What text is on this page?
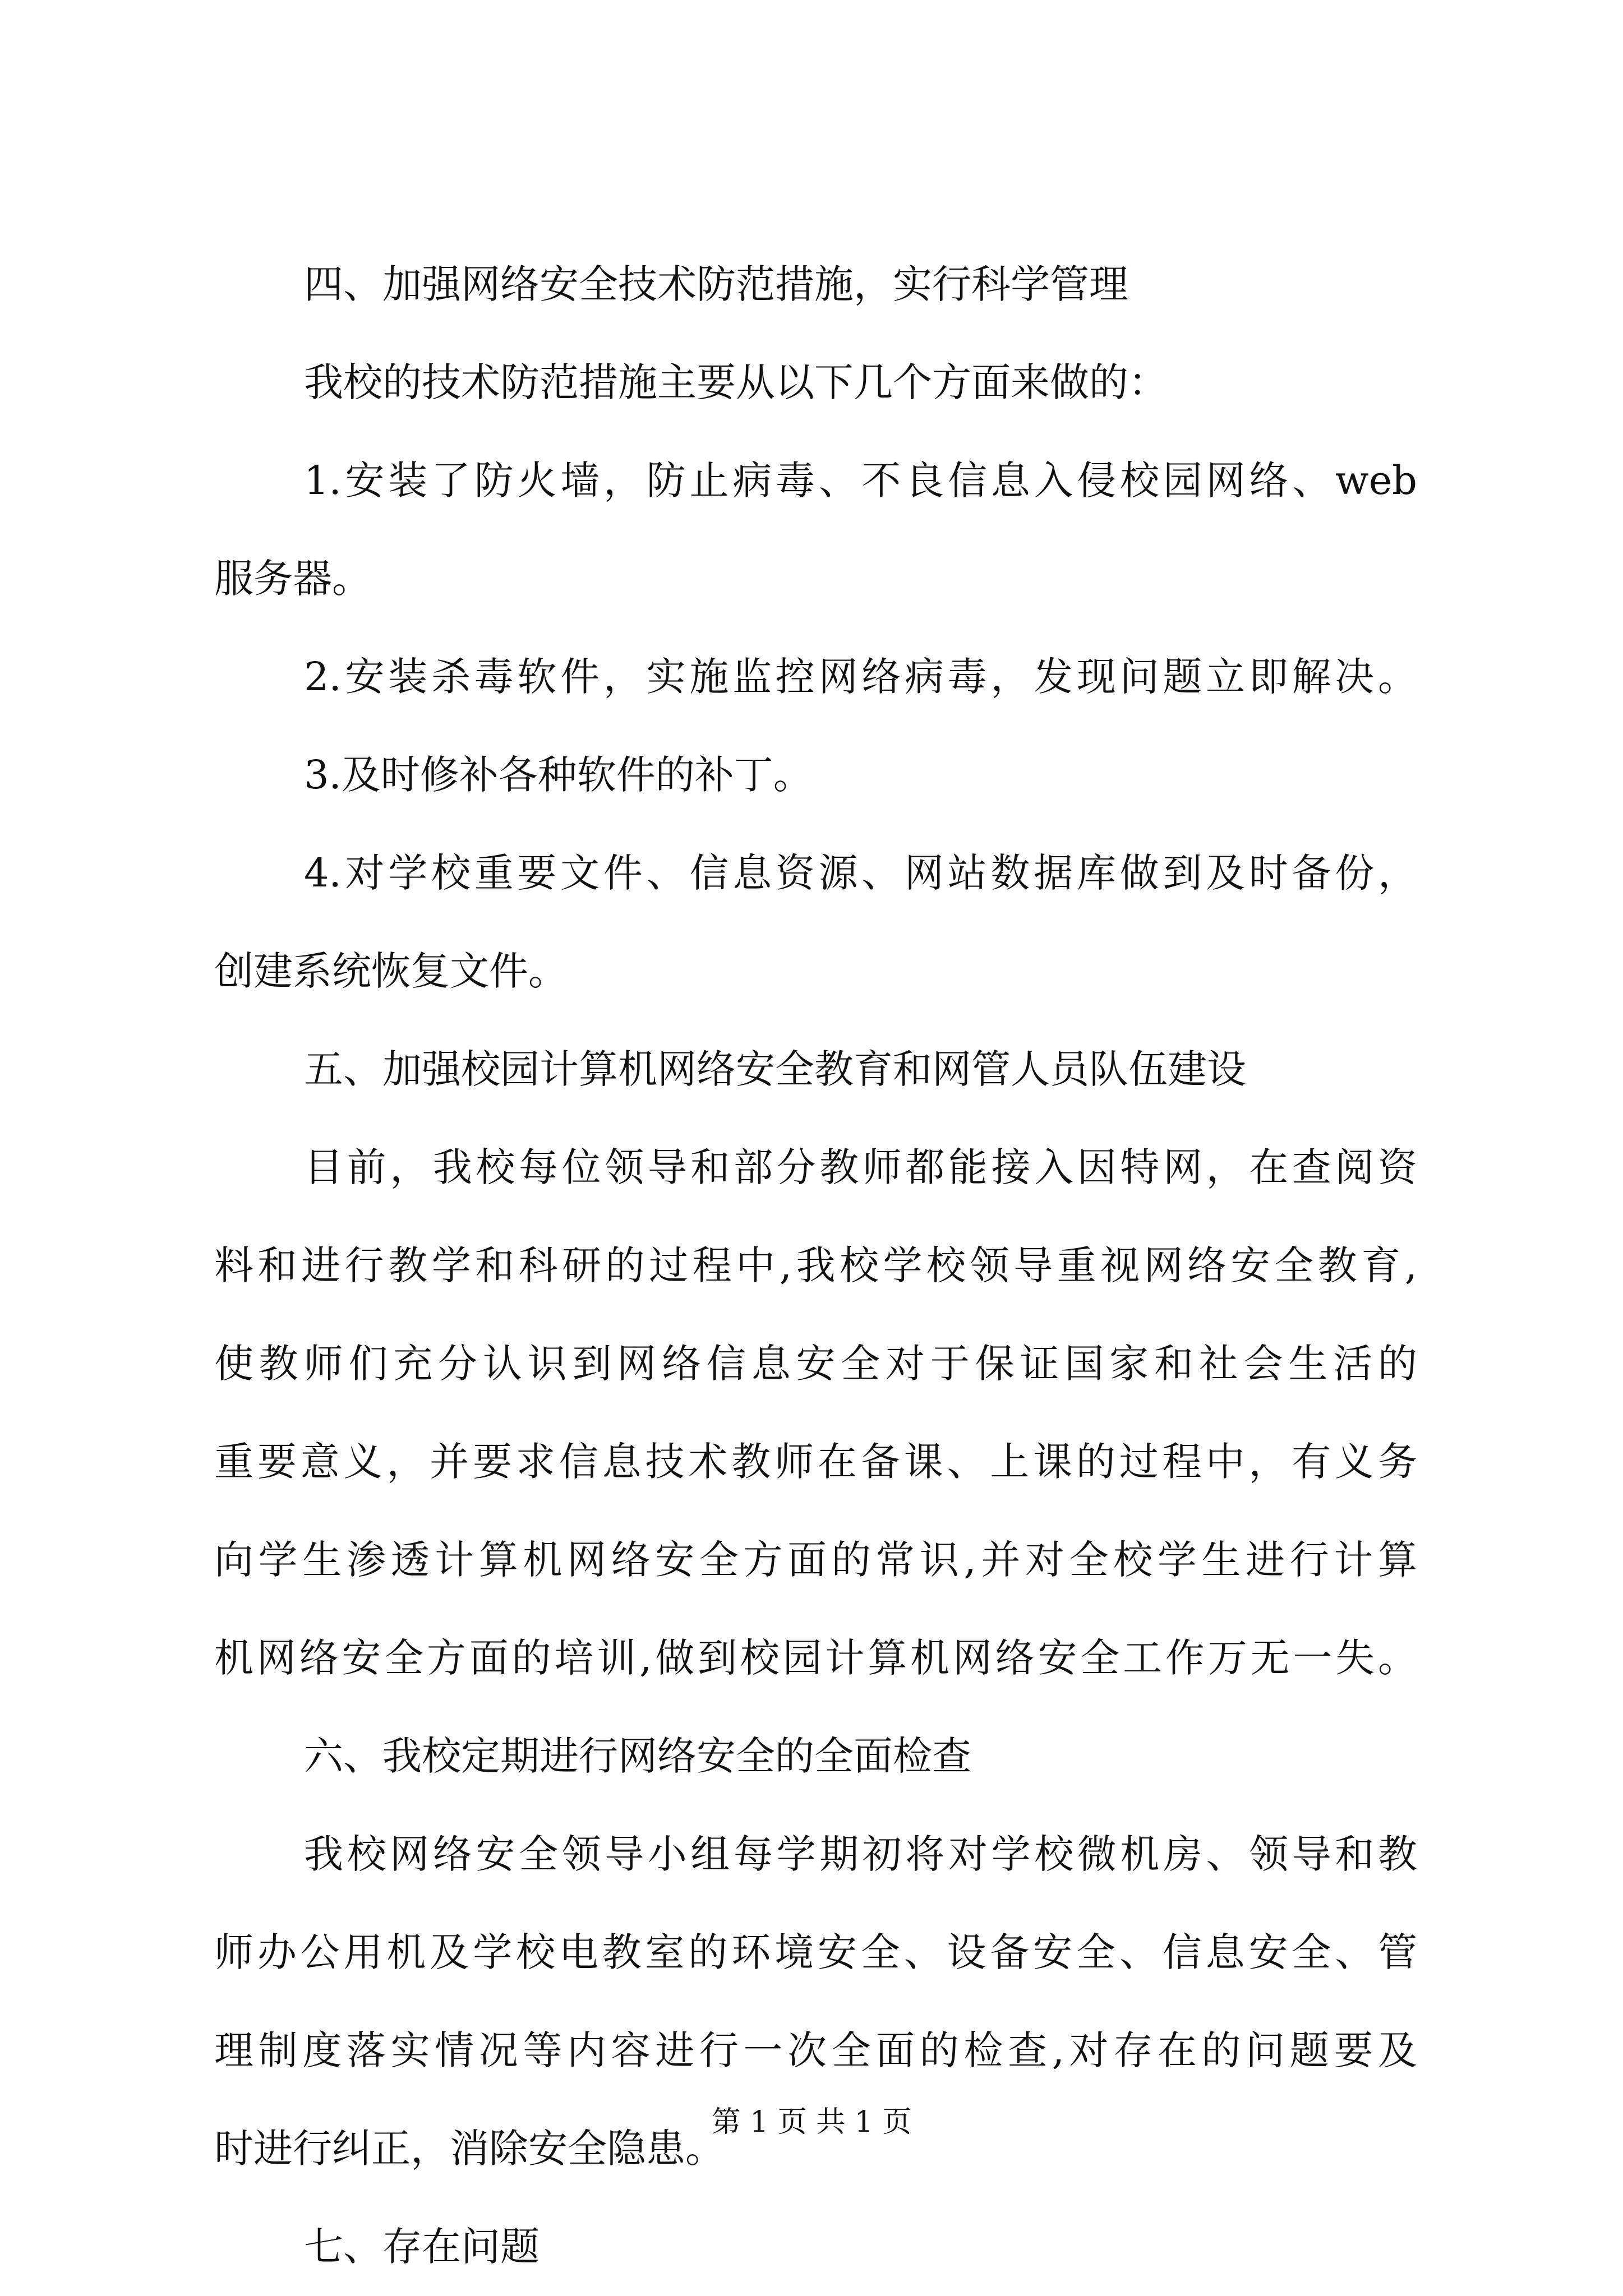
四、加强网络安全技术防范措施，实行科学管理

我校的技术防范措施主要从以下几个方面来做的：

1.安装了防火墙，防止病毒、不良信息入侵校园网络、web

服务器。

2.安装杀毒软件，实施监控网络病毒，发现问题立即解决。

3.及时修补各种软件的补丁。

4.对学校重要文件、信息资源、网站数据库做到及时备份，

创建系统恢复文件。

五、加强校园计算机网络安全教育和网管人员队伍建设

目前，我校每位领导和部分教师都能接入因特网，在查阅资

料和进行教学和科研的过程中,我校学校领导重视网络安全教育,

使教师们充分认识到网络信息安全对于保证国家和社会生活的

重要意义，并要求信息技术教师在备课、上课的过程中，有义务

向学生渗透计算机网络安全方面的常识,并对全校学生进行计算

机网络安全方面的培训,做到校园计算机网络安全工作万无一失。

六、我校定期进行网络安全的全面检查

我校网络安全领导小组每学期初将对学校微机房、领导和教

师办公用机及学校电教室的环境安全、设备安全、信息安全、管

理制度落实情况等内容进行一次全面的检查,对存在的问题要及

时进行纠正，消除安全隐患。

七、存在问题

第 1 页 共 1 页
